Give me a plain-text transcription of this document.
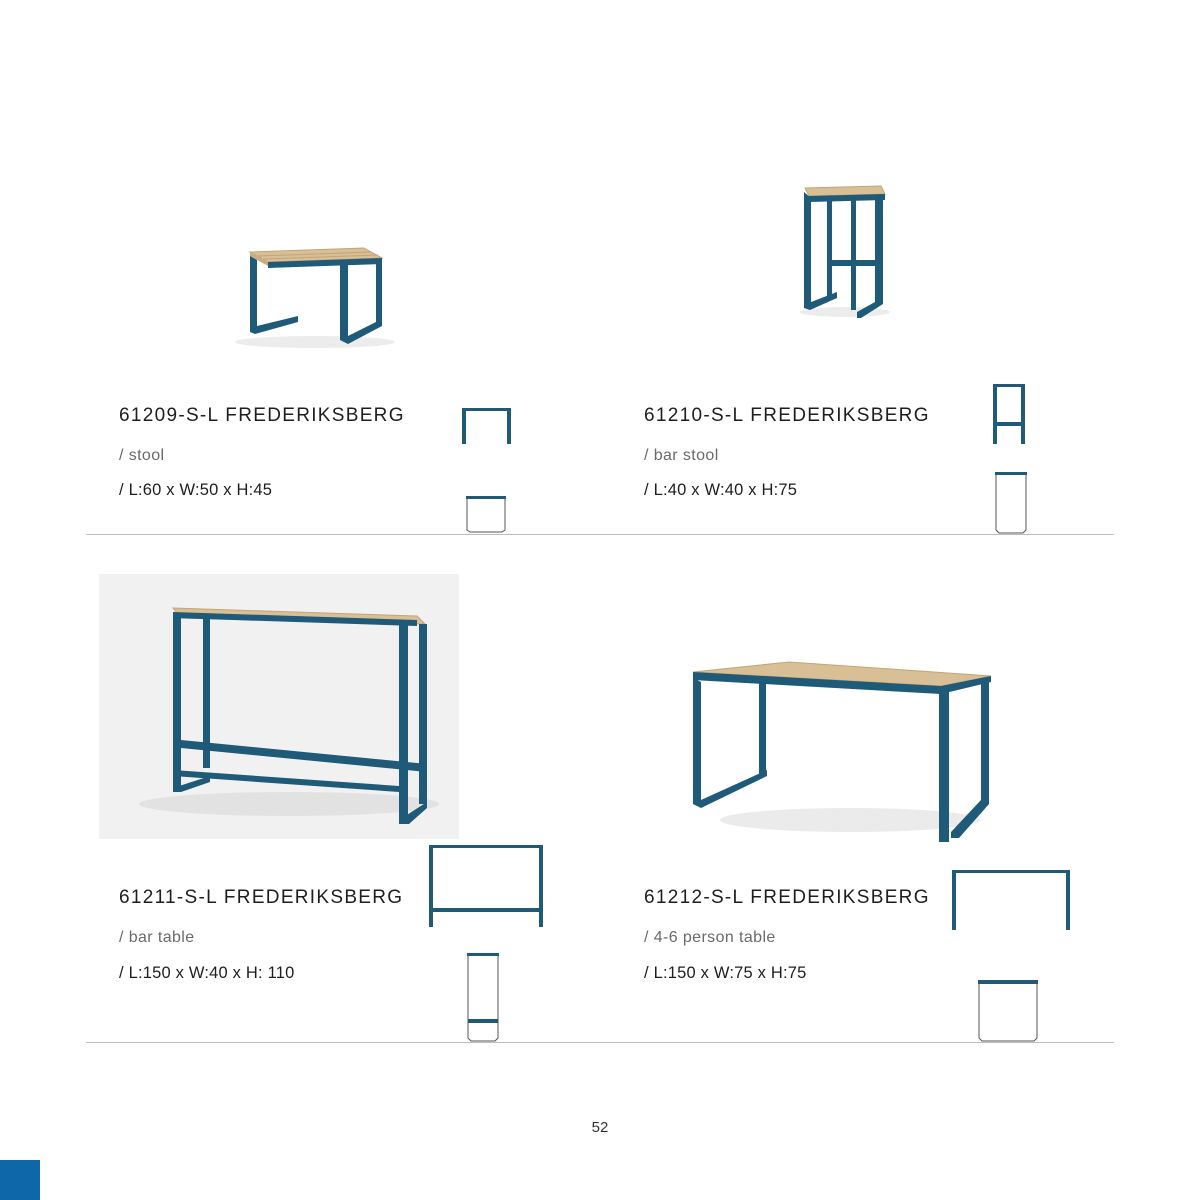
61209-S-L FREDERIKSBERG
/ stool
/ L:60 x W:50 x H:45
61210-S-L FREDERIKSBERG
/ bar stool
/ L:40 x W:40 x H:75
61211-S-L FREDERIKSBERG
/ bar table
/ L:150 x W:40 x H: 110
61212-S-L FREDERIKSBERG
/ 4-6 person table
/ L:150 x W:75 x H:75
52
